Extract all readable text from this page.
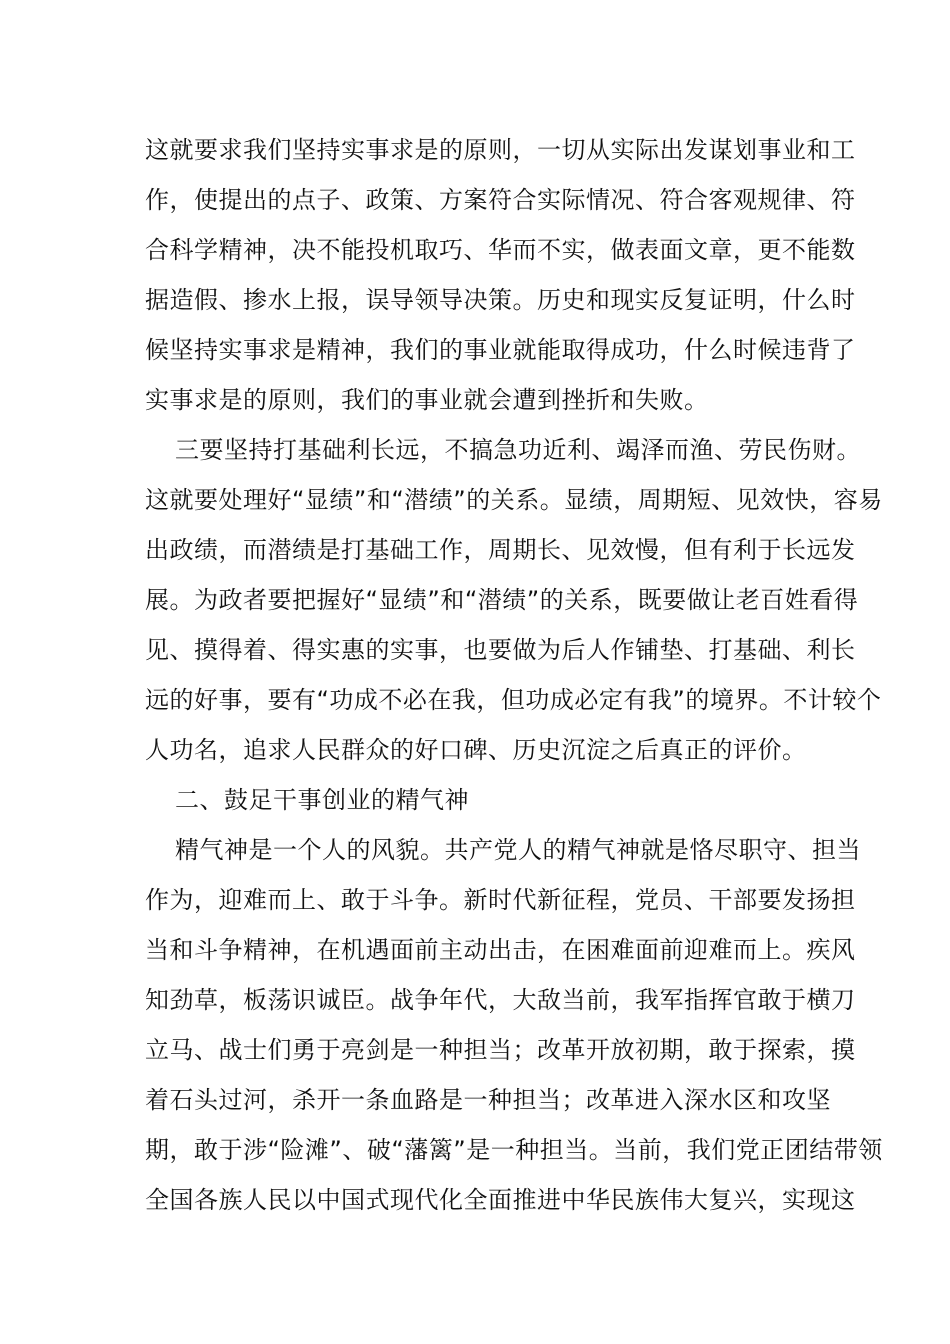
这就要求我们坚持实事求是的原则，一切从实际出发谋划事业和工
作，使提出的点子、政策、方案符合实际情况、符合客观规律、符
合科学精神，决不能投机取巧、华而不实，做表面文章，更不能数
据造假、掺水上报，误导领导决策。历史和现实反复证明，什么时
候坚持实事求是精神，我们的事业就能取得成功，什么时候违背了
实事求是的原则，我们的事业就会遭到挫折和失败。
三要坚持打基础利长远，不搞急功近利、竭泽而渔、劳民伤财。
这就要处理好“显绩”和“潜绩”的关系。显绩，周期短、见效快，容易
出政绩，而潜绩是打基础工作，周期长、见效慢，但有利于长远发
展。为政者要把握好“显绩”和“潜绩”的关系，既要做让老百姓看得
见、摸得着、得实惠的实事，也要做为后人作铺垫、打基础、利长
远的好事，要有“功成不必在我，但功成必定有我”的境界。不计较个
人功名，追求人民群众的好口碑、历史沉淀之后真正的评价。
二、鼓足干事创业的精气神
精气神是一个人的风貌。共产党人的精气神就是恪尽职守、担当
作为，迎难而上、敢于斗争。新时代新征程，党员、干部要发扬担
当和斗争精神，在机遇面前主动出击，在困难面前迎难而上。疾风
知劲草，板荡识诚臣。战争年代，大敌当前，我军指挥官敢于横刀
立马、战士们勇于亮剑是一种担当；改革开放初期，敢于探索，摸
着石头过河，杀开一条血路是一种担当；改革进入深水区和攻坚
期，敢于涉“险滩”、破“藩篱”是一种担当。当前，我们党正团结带领
全国各族人民以中国式现代化全面推进中华民族伟大复兴，实现这
